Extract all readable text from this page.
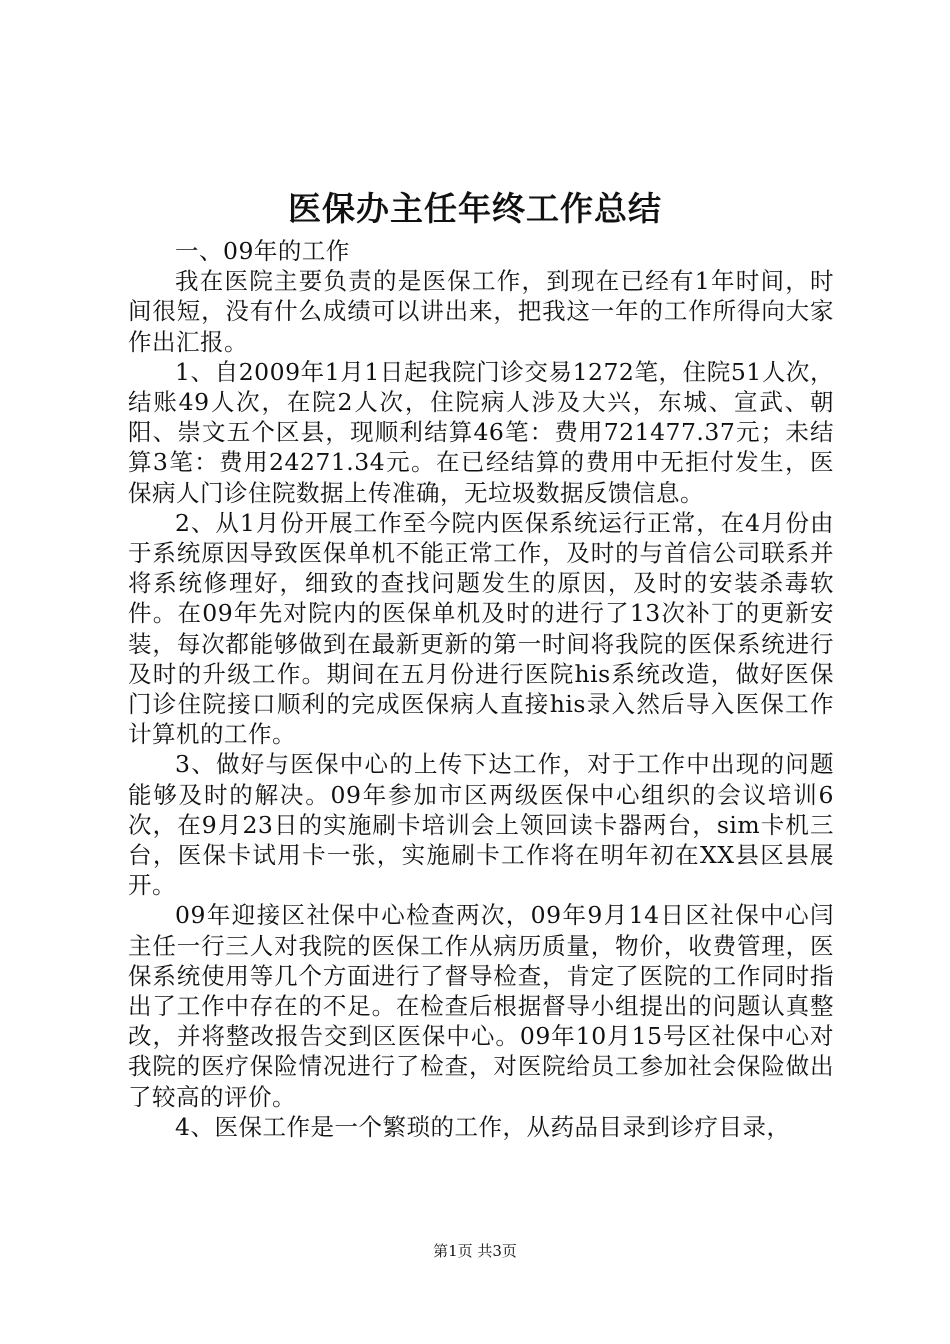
医保办主任年终工作总结

一、09年的工作

我在医院主要负责的是医保工作，到现在已经有1年时间，时间很短，没有什么成绩可以讲出来，把我这一年的工作所得向大家作出汇报。

1、自2009年1月1日起我院门诊交易1272笔，住院51人次，结账49人次，在院2人次，住院病人涉及大兴，东城、宣武、朝阳、崇文五个区县，现顺利结算46笔：费用721477.37元；未结算3笔：费用24271.34元。在已经结算的费用中无拒付发生，医保病人门诊住院数据上传准确，无垃圾数据反馈信息。

2、从1月份开展工作至今院内医保系统运行正常，在4月份由于系统原因导致医保单机不能正常工作，及时的与首信公司联系并将系统修理好，细致的查找问题发生的原因，及时的安装杀毒软件。在09年先对院内的医保单机及时的进行了13次补丁的更新安装，每次都能够做到在最新更新的第一时间将我院的医保系统进行及时的升级工作。期间在五月份进行医院his系统改造，做好医保门诊住院接口顺利的完成医保病人直接his录入然后导入医保工作计算机的工作。

3、做好与医保中心的上传下达工作，对于工作中出现的问题能够及时的解决。09年参加市区两级医保中心组织的会议培训6次，在9月23日的实施刷卡培训会上领回读卡器两台，sim卡机三台，医保卡试用卡一张，实施刷卡工作将在明年初在XX县区县展开。

09年迎接区社保中心检查两次，09年9月14日区社保中心闫主任一行三人对我院的医保工作从病历质量，物价，收费管理，医保系统使用等几个方面进行了督导检查，肯定了医院的工作同时指出了工作中存在的不足。在检查后根据督导小组提出的问题认真整改，并将整改报告交到区医保中心。09年10月15号区社保中心对我院的医疗保险情况进行了检查，对医院给员工参加社会保险做出了较高的评价。

4、医保工作是一个繁琐的工作，从药品目录到诊疗目录，

第1页 共3页
